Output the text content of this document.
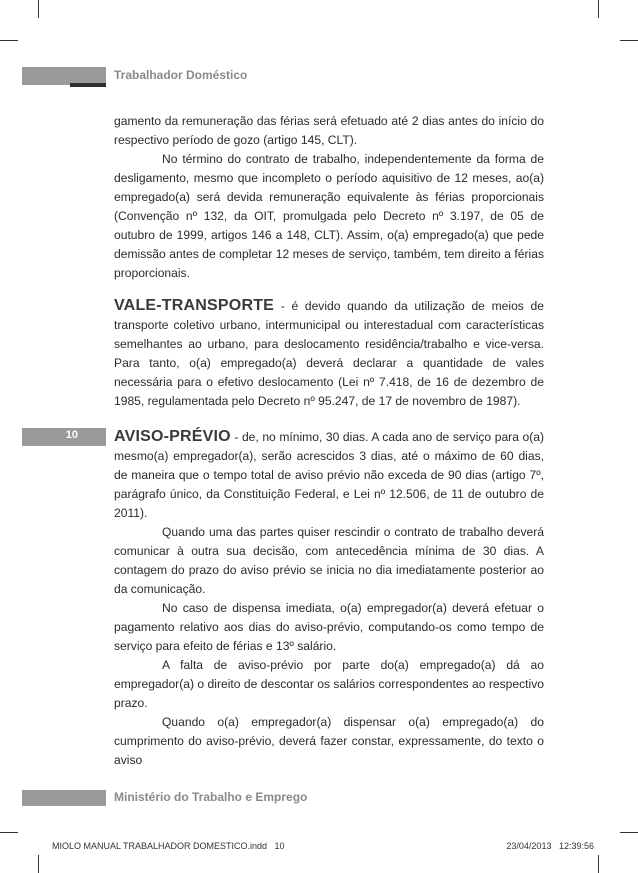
Trabalhador Doméstico
10

gamento da remuneração das férias será efetuado até 2 dias antes do início do respectivo período de gozo (artigo 145, CLT).

No término do contrato de trabalho, independentemente da forma de desligamento, mesmo que incompleto o período aquisitivo de 12 meses, ao(a) empregado(a) será devida remuneração equivalente às férias proporcionais (Convenção nº 132, da OIT, promulgada pelo Decreto nº 3.197, de 05 de outubro de 1999, artigos 146 a 148, CLT). Assim, o(a) empregado(a) que pede demissão antes de completar 12 meses de serviço, também, tem direito a férias proporcionais.

VALE-TRANSPORTE - é devido quando da utilização de meios de transporte coletivo urbano, intermunicipal ou interestadual com características semelhantes ao urbano, para deslocamento residência/trabalho e vice-versa. Para tanto, o(a) empregado(a) deverá declarar a quantidade de vales necessária para o efetivo deslocamento (Lei nº 7.418, de 16 de dezembro de 1985, regulamentada pelo Decreto nº 95.247, de 17 de novembro de 1987).

AVISO-PRÉVIO - de, no mínimo, 30 dias. A cada ano de serviço para o(a) mesmo(a) empregador(a), serão acrescidos 3 dias, até o máximo de 60 dias, de maneira que o tempo total de aviso prévio não exceda de 90 dias (artigo 7º, parágrafo único, da Constituição Federal, e Lei nº 12.506, de 11 de outubro de 2011).

Quando uma das partes quiser rescindir o contrato de trabalho deverá comunicar à outra sua decisão, com antecedência mínima de 30 dias. A contagem do prazo do aviso prévio se inicia no dia imediatamente posterior ao da comunicação.

No caso de dispensa imediata, o(a) empregador(a) deverá efetuar o pagamento relativo aos dias do aviso-prévio, computando-os como tempo de serviço para efeito de férias e 13º salário.

A falta de aviso-prévio por parte do(a) empregado(a) dá ao empregador(a) o direito de descontar os salários correspondentes ao respectivo prazo.

Quando o(a) empregador(a) dispensar o(a) empregado(a) do cumprimento do aviso-prévio, deverá fazer constar, expressamente, do texto o aviso

Ministério do Trabalho e Emprego
MIOLO MANUAL TRABALHADOR DOMESTICO.indd   10	23/04/2013   12:39:56
